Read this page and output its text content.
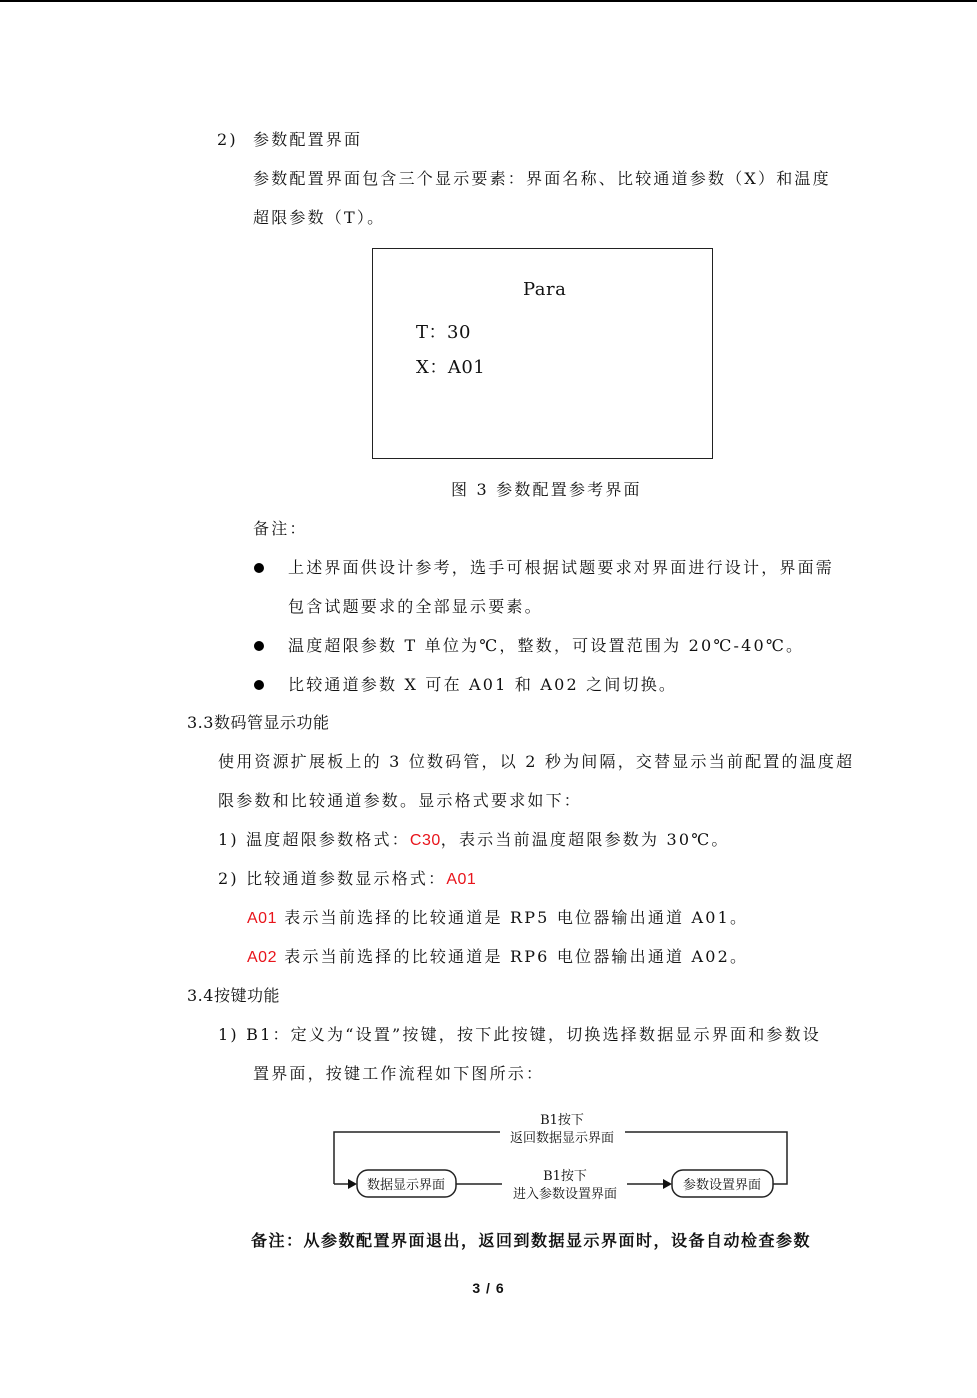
2) 参数配置界面
参数配置界面包含三个显示要素：界面名称、比较通道参数（X）和温度
超限参数（T）。
Para
T：30
X：A01
图 3 参数配置参考界面
备注：
上述界面供设计参考，选手可根据试题要求对界面进行设计，界面需
包含试题要求的全部显示要素。
温度超限参数 T 单位为℃，整数，可设置范围为 20℃-40℃。
比较通道参数 X 可在 A01 和 A02 之间切换。
3.3数码管显示功能
使用资源扩展板上的 3 位数码管，以 2 秒为间隔，交替显示当前配置的温度超
限参数和比较通道参数。显示格式要求如下：
1) 温度超限参数格式：C30，表示当前温度超限参数为 30℃。
2) 比较通道参数显示格式：A01
A01 表示当前选择的比较通道是 RP5 电位器输出通道 A01。
A02 表示当前选择的比较通道是 RP6 电位器输出通道 A02。
3.4按键功能
1) B1：定义为“设置”按键，按下此按键，切换选择数据显示界面和参数设
置界面，按键工作流程如下图所示：
数据显示界面	参数设置界面
B1按下
返回数据显示界面
B1按下
进入参数设置界面
备注：从参数配置界面退出，返回到数据显示界面时，设备自动检查参数
3 / 6
